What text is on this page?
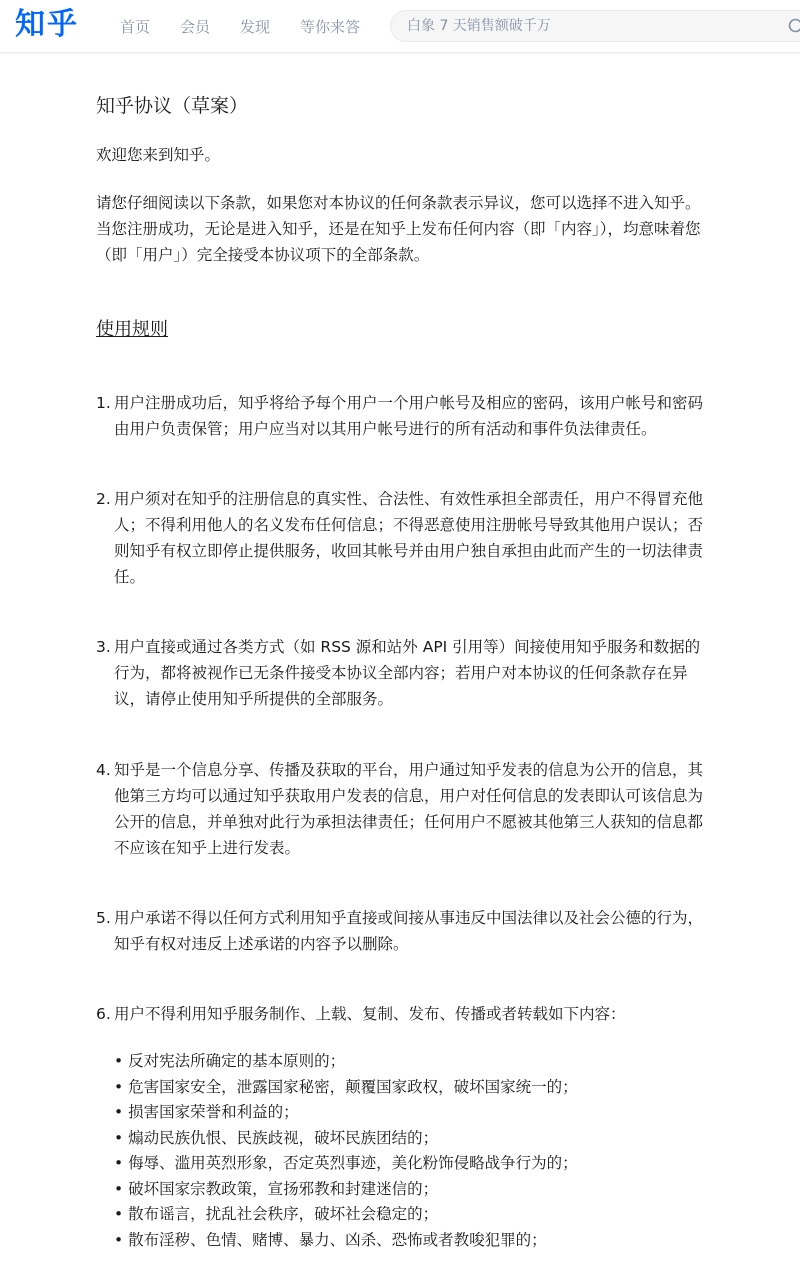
知乎	首页 会员 发现 等你来答
白象 7 天销售额破千万
知乎协议（草案）

欢迎您来到知乎。

请您仔细阅读以下条款，如果您对本协议的任何条款表示异议，您可以选择不进入知乎。当您注册成功，无论是进入知乎，还是在知乎上发布任何内容（即「内容」），均意味着您（即「用户」）完全接受本协议项下的全部条款。

使用规则
1. 用户注册成功后，知乎将给予每个用户一个用户帐号及相应的密码，该用户帐号和密码由用户负责保管；用户应当对以其用户帐号进行的所有活动和事件负法律责任。
2. 用户须对在知乎的注册信息的真实性、合法性、有效性承担全部责任，用户不得冒充他人；不得利用他人的名义发布任何信息；不得恶意使用注册帐号导致其他用户误认；否则知乎有权立即停止提供服务，收回其帐号并由用户独自承担由此而产生的一切法律责任。
3. 用户直接或通过各类方式（如 RSS 源和站外 API 引用等）间接使用知乎服务和数据的行为，都将被视作已无条件接受本协议全部内容；若用户对本协议的任何条款存在异议，请停止使用知乎所提供的全部服务。
4. 知乎是一个信息分享、传播及获取的平台，用户通过知乎发表的信息为公开的信息，其他第三方均可以通过知乎获取用户发表的信息，用户对任何信息的发表即认可该信息为公开的信息，并单独对此行为承担法律责任；任何用户不愿被其他第三人获知的信息都不应该在知乎上进行发表。
5. 用户承诺不得以任何方式利用知乎直接或间接从事违反中国法律以及社会公德的行为，知乎有权对违反上述承诺的内容予以删除。
6. 用户不得利用知乎服务制作、上载、复制、发布、传播或者转载如下内容：
• 反对宪法所确定的基本原则的；
• 危害国家安全，泄露国家秘密，颠覆国家政权，破坏国家统一的；
• 损害国家荣誉和利益的；
• 煽动民族仇恨、民族歧视，破坏民族团结的；
• 侮辱、滥用英烈形象，否定英烈事迹，美化粉饰侵略战争行为的；
• 破坏国家宗教政策，宣扬邪教和封建迷信的；
• 散布谣言，扰乱社会秩序，破坏社会稳定的；
• 散布淫秽、色情、赌博、暴力、凶杀、恐怖或者教唆犯罪的；
